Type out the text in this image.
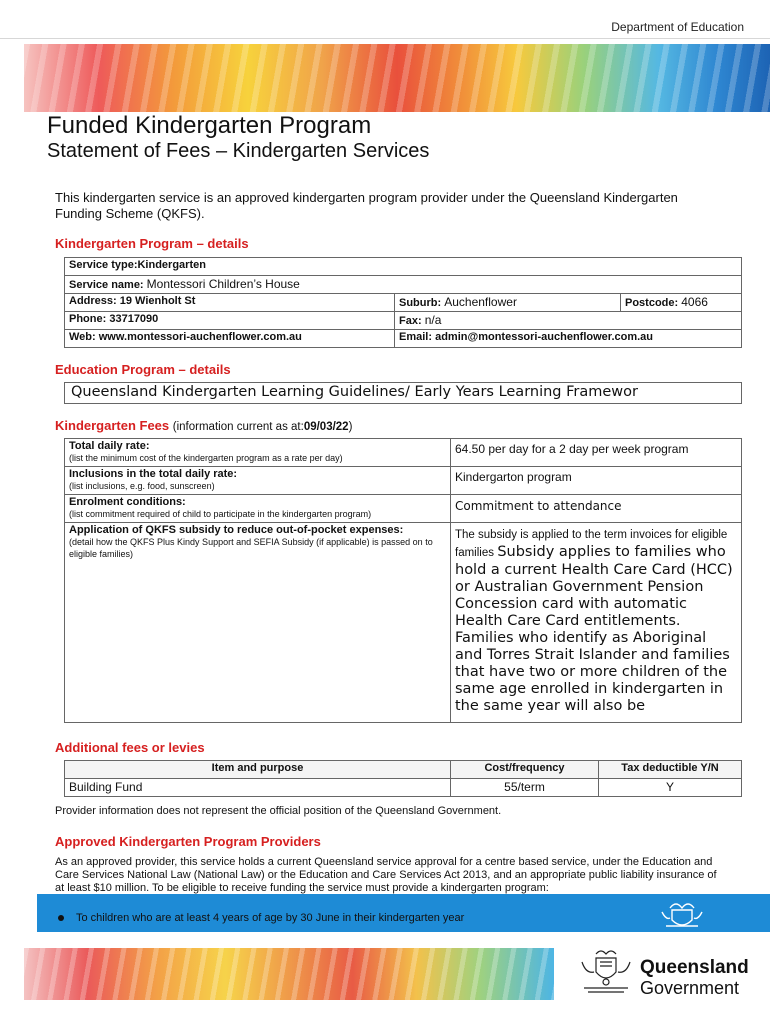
Department of Education
Funded Kindergarten Program
Statement of Fees – Kindergarten Services

This kindergarten service is an approved kindergarten program provider under the Queensland Kindergarten Funding Scheme (QKFS).

Kindergarten Program – details
Service type:Kindergarten		
Service name: Montessori Children’s House		
Address: 19 Wienholt St	Suburb: Auchenflower	Postcode: 4066
Phone: 33717090	Fax: n/a	
Web: www.montessori-auchenflower.com.au	Email: admin@montessori-auchenflower.com.au	
Education Program – details
Queensland Kindergarten Learning Guidelines/ Early Years Learning Framewor
Kindergarten Fees (information current as at:09/03/22)
Total daily rate:
(list the minimum cost of the kindergarten program as a rate per day)	64.50 per day for a 2 day per week program
Inclusions in the total daily rate:
(list inclusions, e.g. food, sunscreen)	Kindergarton program
Enrolment conditions:
(list commitment required of child to participate in the kindergarten program)	Commitment to attendance
Application of QKFS subsidy to reduce out-of-pocket expenses:
(detail how the QKFS Plus Kindy Support and SEFIA Subsidy (if applicable) is passed on to eligible families)	The subsidy is applied to the term invoices for eligible families Subsidy applies to families who hold a current Health Care Card (HCC) or Australian Government Pension Concession card with automatic Health Care Card entitlements. Families who identify as Aboriginal and Torres Strait Islander and families that have two or more children of the same age enrolled in kindergarten in the same year will also be
Additional fees or levies
Item and purpose	Cost/frequency	Tax deductible Y/N
Building Fund	55/term	Y
Provider information does not represent the official position of the Queensland Government.
Approved Kindergarten Program Providers

As an approved provider, this service holds a current Queensland service approval for a centre based service, under the Education and Care Services National Law (National Law) or the Education and Care Services Act 2013, and an appropriate public liability insurance of at least $10 million. To be eligible to receive funding the service must provide a kindergarten program:

To children who are at least 4 years of age by 30 June in their kindergarten year
Queensland
Government
